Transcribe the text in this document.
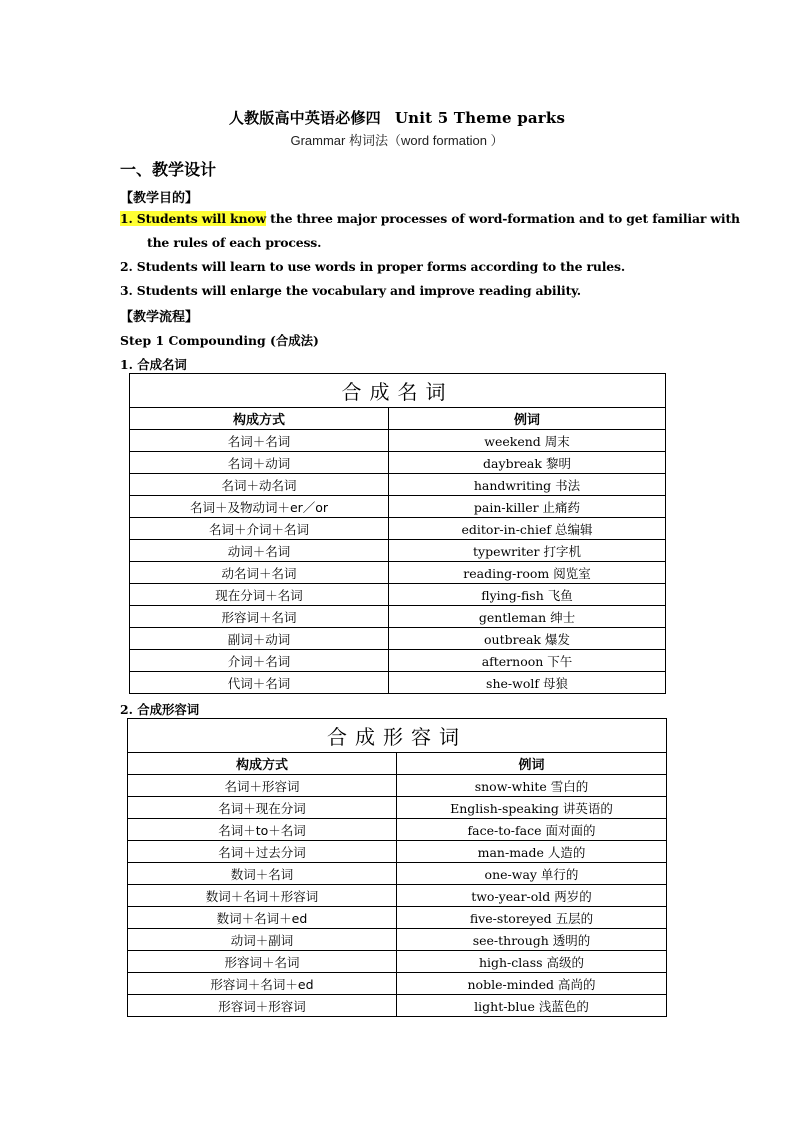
人教版高中英语必修四 Unit 5 Theme parks
Grammar 构词法（word formation ）
一、教学设计
【教学目的】
1. Students will know the three major processes of word-formation and to get familiar with
the rules of each process.
2. Students will learn to use words in proper forms according to the rules.
3. Students will enlarge the vocabulary and improve reading ability.
【教学流程】
Step 1 Compounding (合成法)
1. 合成名词
合成名词	
构成方式	例词
名词＋名词	weekend 周末
名词＋动词	daybreak 黎明
名词＋动名词	handwriting 书法
名词＋及物动词＋er／or	pain-killer 止痛药
名词＋介词＋名词	editor-in-chief 总编辑
动词＋名词	typewriter 打字机
动名词＋名词	reading-room 阅览室
现在分词＋名词	flying-fish 飞鱼
形容词＋名词	gentleman 绅士
副词＋动词	outbreak 爆发
介词＋名词	afternoon 下午
代词＋名词	she-wolf 母狼
2. 合成形容词
合成形容词	
构成方式	例词
名词＋形容词	snow-white 雪白的
名词＋现在分词	English-speaking 讲英语的
名词＋to＋名词	face-to-face 面对面的
名词＋过去分词	man-made 人造的
数词＋名词	one-way 单行的
数词＋名词＋形容词	two-year-old 两岁的
数词＋名词＋ed	five-storeyed 五层的
动词＋副词	see-through 透明的
形容词＋名词	high-class 高级的
形容词＋名词＋ed	noble-minded 高尚的
形容词＋形容词	light-blue 浅蓝色的
